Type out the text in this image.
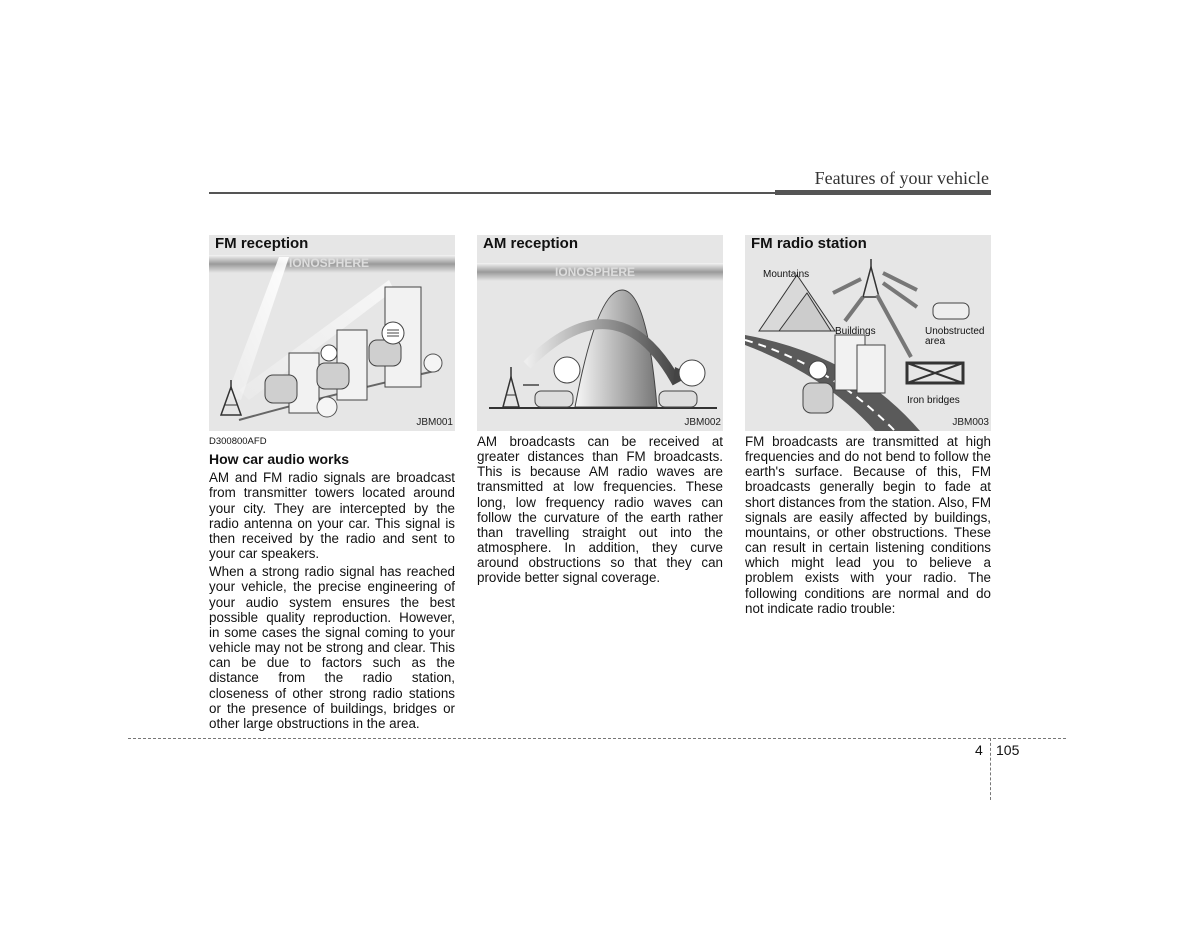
Features of your vehicle
IONOSPHERE
FM reception
JBM001
IONOSPHERE
AM reception
JBM002
Mountains
Buildings	Unobstructed
area
Iron bridges
FM radio station
JBM003
D300800AFD
How car audio works

AM and FM radio signals are broadcast from transmitter towers located around your city. They are intercepted by the radio antenna on your car. This signal is then received by the radio and sent to your car speakers.

When a strong radio signal has reached your vehicle, the precise engineering of your audio system ensures the best possible quality reproduction. However, in some cases the signal coming to your vehicle may not be strong and clear. This can be due to factors such as the distance from the radio station, closeness of other strong radio stations or the presence of buildings, bridges or other large obstructions in the area.

AM broadcasts can be received at greater distances than FM broadcasts. This is because AM radio waves are transmitted at low frequencies. These long, low frequency radio waves can follow the curvature of the earth rather than travelling straight out into the atmosphere. In addition, they curve around obstructions so that they can provide better signal coverage.

FM broadcasts are transmitted at high frequencies and do not bend to follow the earth's surface. Because of this, FM broadcasts generally begin to fade at short distances from the station. Also, FM signals are easily affected by buildings, mountains, or other obstructions. These can result in certain listening conditions which might lead you to believe a problem exists with your radio. The following conditions are normal and do not indicate radio trouble:

4 105
